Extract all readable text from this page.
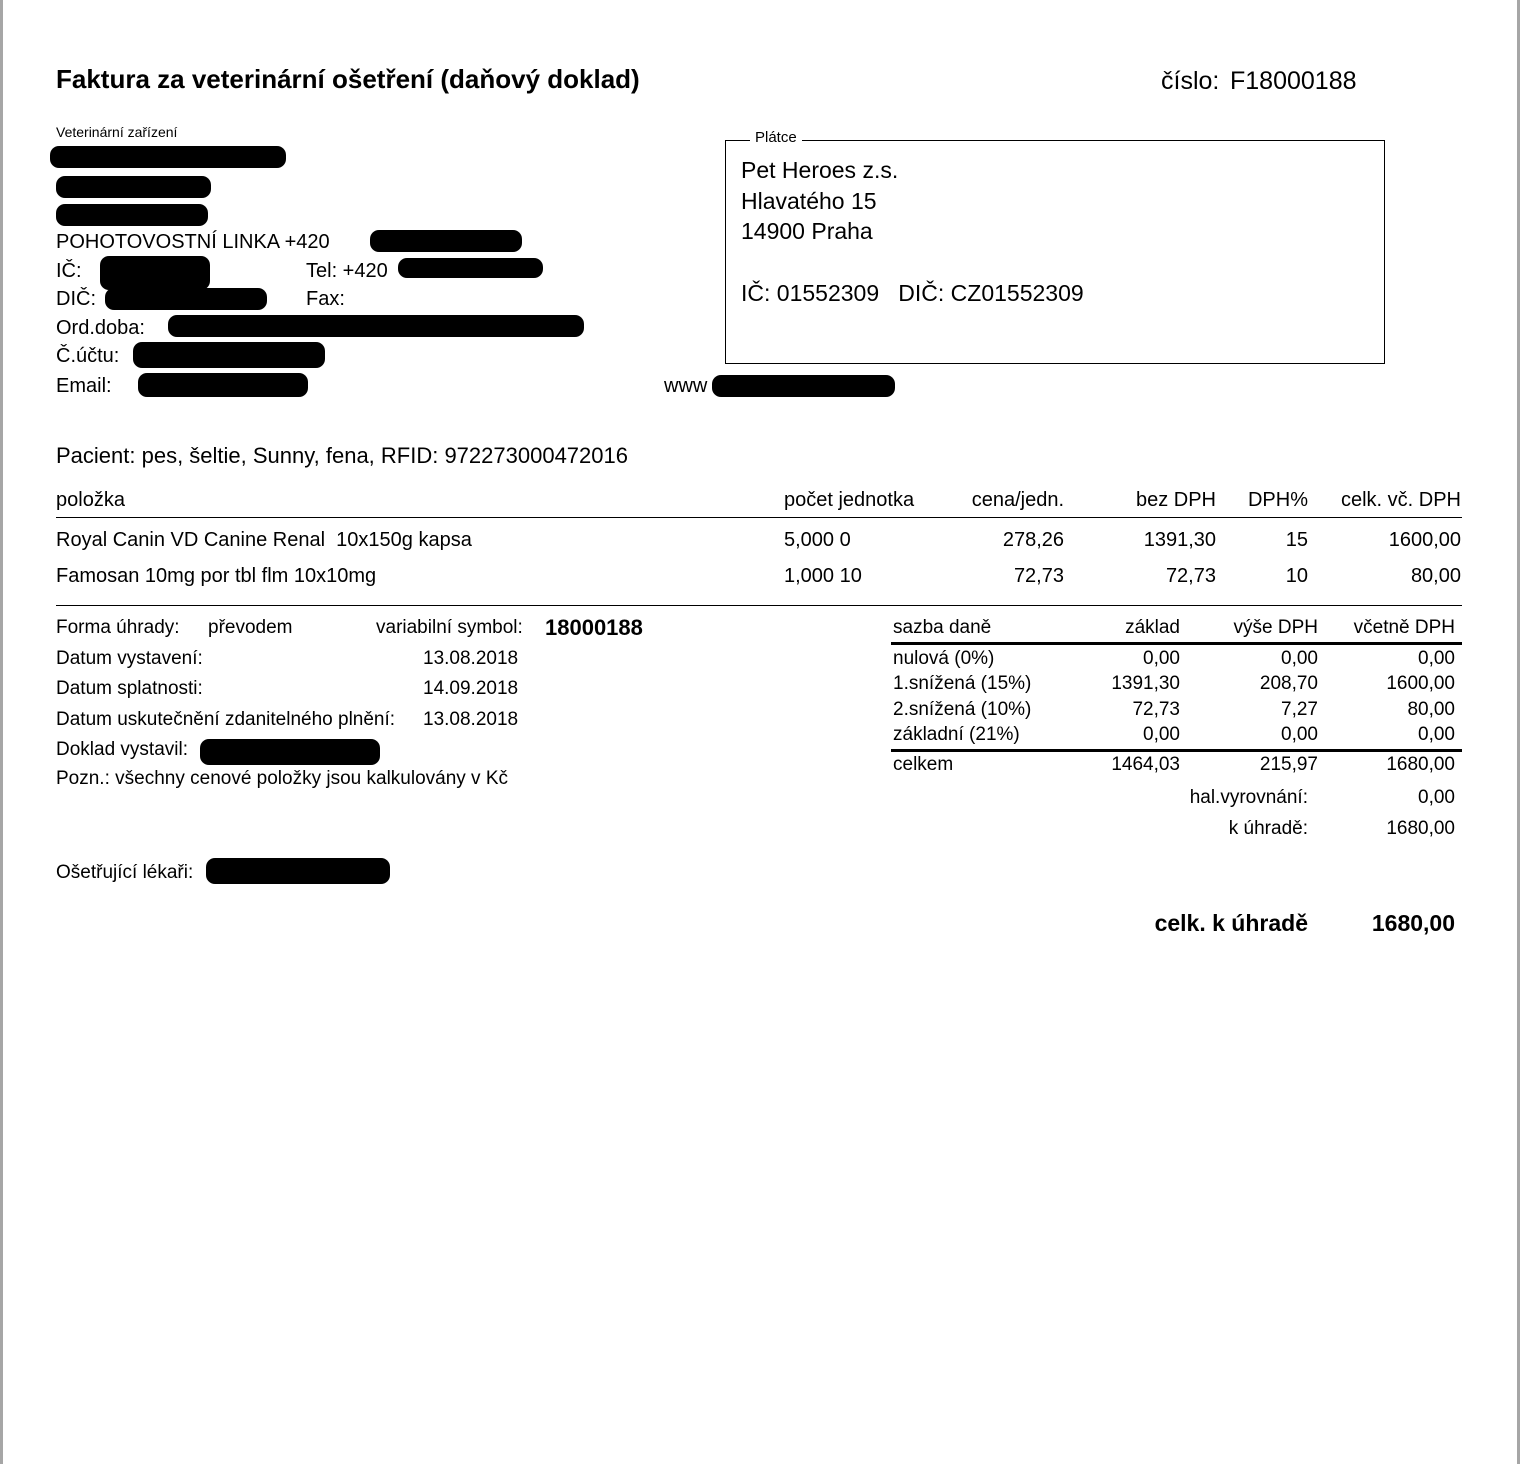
Faktura za veterinární ošetření (daňový doklad)	číslo: F18000188
Veterinární zařízení
POHOTOVOSTNÍ LINKA +420
IČ:	Tel: +420
DIČ:	Fax:
Ord.doba:
Č.účtu:
Email:	www
Plátce
Pet Heroes z.s.
Hlavatého 15
14900 Praha
IČ: 01552309   DIČ: CZ01552309
Pacient: pes, šeltie, Sunny, fena, RFID: 972273000472016
položka	počet jednotka	cena/jedn.	bez DPH	DPH%	celk. vč. DPH
Royal Canin VD Canine Renal  10x150g kapsa	5,000 0	278,26	1391,30	15	1600,00
Famosan 10mg por tbl flm 10x10mg	1,000 10	72,73	72,73	10	80,00
Forma úhrady: převodem	variabilní symbol: 18000188
Datum vystavení:	13.08.2018
Datum splatnosti:	14.09.2018
Datum uskutečnění zdanitelného plnění: 13.08.2018
Doklad vystavil:
Pozn.: všechny cenové položky jsou kalkulovány v Kč
Ošetřující lékaři:
sazba daně	základ	výše DPH	včetně DPH
nulová (0%)	0,00	0,00	0,00
1.snížená (15%)	1391,30	208,70	1600,00
2.snížená (10%)	72,73	7,27	80,00
základní (21%)	0,00	0,00	0,00
celkem	1464,03	215,97	1680,00
hal.vyrovnání:	0,00
k úhradě:	1680,00
celk. k úhradě	1680,00
